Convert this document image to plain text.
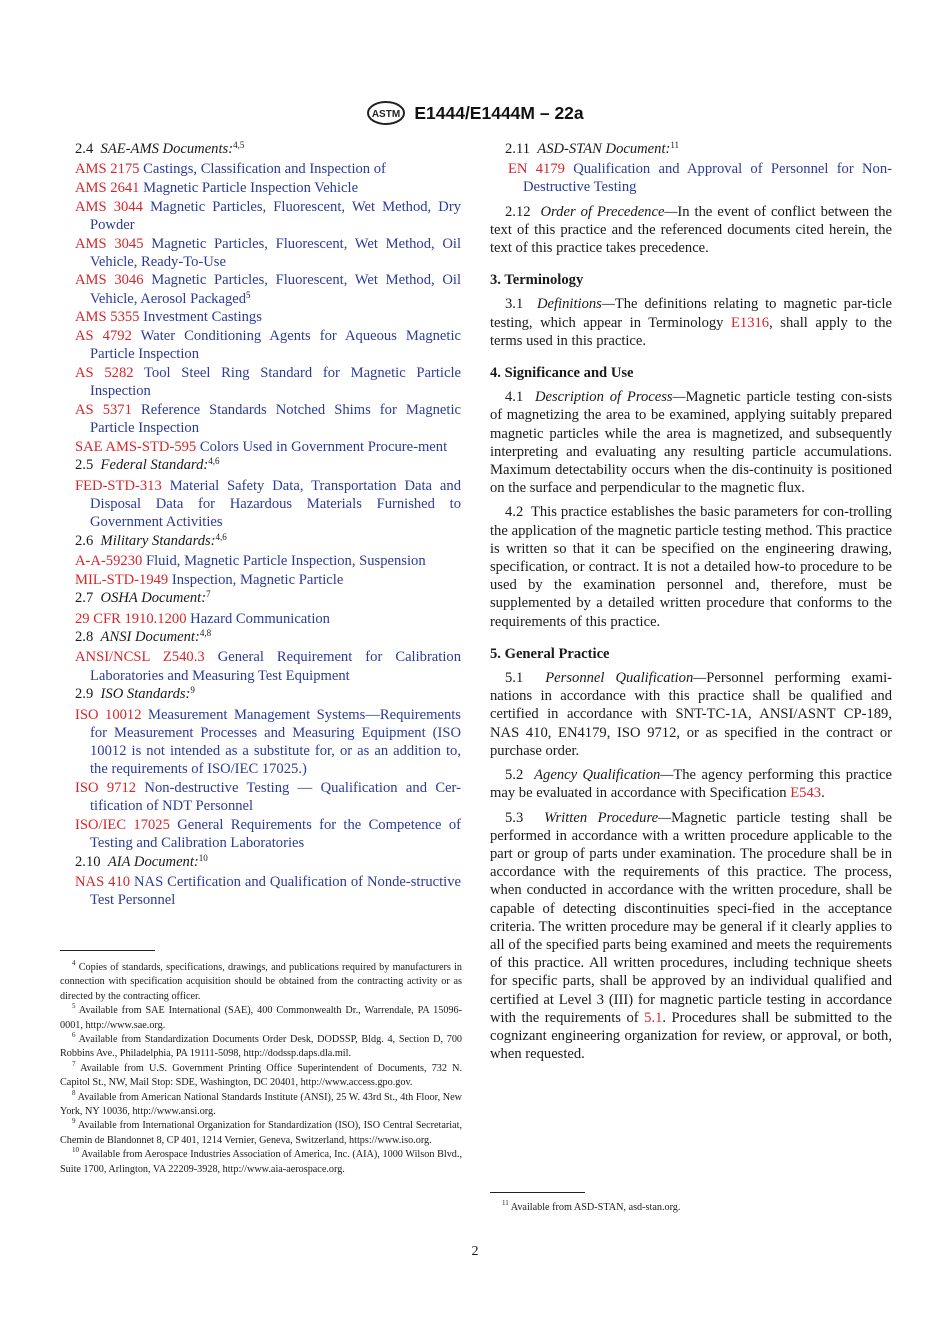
ASTM E1444/E1444M – 22a
2.4 SAE-AMS Documents:$^{4,5}$
AMS 2175 Castings, Classification and Inspection of
AMS 2641 Magnetic Particle Inspection Vehicle
AMS 3044 Magnetic Particles, Fluorescent, Wet Method, Dry Powder
AMS 3045 Magnetic Particles, Fluorescent, Wet Method, Oil Vehicle, Ready-To-Use
AMS 3046 Magnetic Particles, Fluorescent, Wet Method, Oil Vehicle, Aerosol Packaged$^5$
AMS 5355 Investment Castings
AS 4792 Water Conditioning Agents for Aqueous Magnetic Particle Inspection
AS 5282 Tool Steel Ring Standard for Magnetic Particle Inspection
AS 5371 Reference Standards Notched Shims for Magnetic Particle Inspection
SAE AMS-STD-595 Colors Used in Government Procure-ment
2.5 Federal Standard:$^{4,6}$
FED-STD-313 Material Safety Data, Transportation Data and Disposal Data for Hazardous Materials Furnished to Government Activities
2.6 Military Standards:$^{4,6}$
A-A-59230 Fluid, Magnetic Particle Inspection, Suspension
MIL-STD-1949 Inspection, Magnetic Particle
2.7 OSHA Document:$^7$
29 CFR 1910.1200 Hazard Communication
2.8 ANSI Document:$^{4,8}$
ANSI/NCSL Z540.3 General Requirement for Calibration Laboratories and Measuring Test Equipment
2.9 ISO Standards:$^9$
ISO 10012 Measurement Management Systems—Requirements for Measurement Processes and Measuring Equipment (ISO 10012 is not intended as a substitute for, or as an addition to, the requirements of ISO/IEC 17025.)
ISO 9712 Non-destructive Testing — Qualification and Cer-tification of NDT Personnel
ISO/IEC 17025 General Requirements for the Competence of Testing and Calibration Laboratories
2.10 AIA Document:$^{10}$
NAS 410 NAS Certification and Qualification of Nonde-structive Test Personnel

$^4$ Copies of standards, specifications, drawings, and publications required by manufacturers in connection with specification acquisition should be obtained from the contracting activity or as directed by the contracting officer.

$^5$ Available from SAE International (SAE), 400 Commonwealth Dr., Warrendale, PA 15096-0001, http://www.sae.org.

$^6$ Available from Standardization Documents Order Desk, DODSSP, Bldg. 4, Section D, 700 Robbins Ave., Philadelphia, PA 19111-5098, http://dodssp.daps.dla.mil.

$^7$ Available from U.S. Government Printing Office Superintendent of Documents, 732 N. Capitol St., NW, Mail Stop: SDE, Washington, DC 20401, http://www.access.gpo.gov.

$^8$ Available from American National Standards Institute (ANSI), 25 W. 43rd St., 4th Floor, New York, NY 10036, http://www.ansi.org.

$^9$ Available from International Organization for Standardization (ISO), ISO Central Secretariat, Chemin de Blandonnet 8, CP 401, 1214 Vernier, Geneva, Switzerland, https://www.iso.org.

$^{10}$ Available from Aerospace Industries Association of America, Inc. (AIA), 1000 Wilson Blvd., Suite 1700, Arlington, VA 22209-3928, http://www.aia-aerospace.org.

2.11 ASD-STAN Document:$^{11}$
EN 4179 Qualification and Approval of Personnel for Non-Destructive Testing

2.12 Order of Precedence—In the event of conflict between the text of this practice and the referenced documents cited herein, the text of this practice takes precedence.

3. Terminology

3.1 Definitions—The definitions relating to magnetic par-ticle testing, which appear in Terminology E1316, shall apply to the terms used in this practice.

4. Significance and Use

4.1 Description of Process—Magnetic particle testing con-sists of magnetizing the area to be examined, applying suitably prepared magnetic particles while the area is magnetized, and subsequently interpreting and evaluating any resulting particle accumulations. Maximum detectability occurs when the dis-continuity is positioned on the surface and perpendicular to the magnetic flux.

4.2 This practice establishes the basic parameters for con-trolling the application of the magnetic particle testing method. This practice is written so that it can be specified on the engineering drawing, specification, or contract. It is not a detailed how-to procedure to be used by the examination personnel and, therefore, must be supplemented by a detailed written procedure that conforms to the requirements of this practice.

5. General Practice

5.1 Personnel Qualification—Personnel performing exami-nations in accordance with this practice shall be qualified and certified in accordance with SNT-TC-1A, ANSI/ASNT CP-189, NAS 410, EN4179, ISO 9712, or as specified in the contract or purchase order.

5.2 Agency Qualification—The agency performing this practice may be evaluated in accordance with Specification E543.

5.3 Written Procedure—Magnetic particle testing shall be performed in accordance with a written procedure applicable to the part or group of parts under examination. The procedure shall be in accordance with the requirements of this practice. The process, when conducted in accordance with the written procedure, shall be capable of detecting discontinuities speci-fied in the acceptance criteria. The written procedure may be general if it clearly applies to all of the specified parts being examined and meets the requirements of this practice. All written procedures, including technique sheets for specific parts, shall be approved by an individual qualified and certified at Level 3 (III) for magnetic particle testing in accordance with the requirements of 5.1. Procedures shall be submitted to the cognizant engineering organization for review, or approval, or both, when requested.

$^{11}$ Available from ASD-STAN, asd-stan.org.

2
